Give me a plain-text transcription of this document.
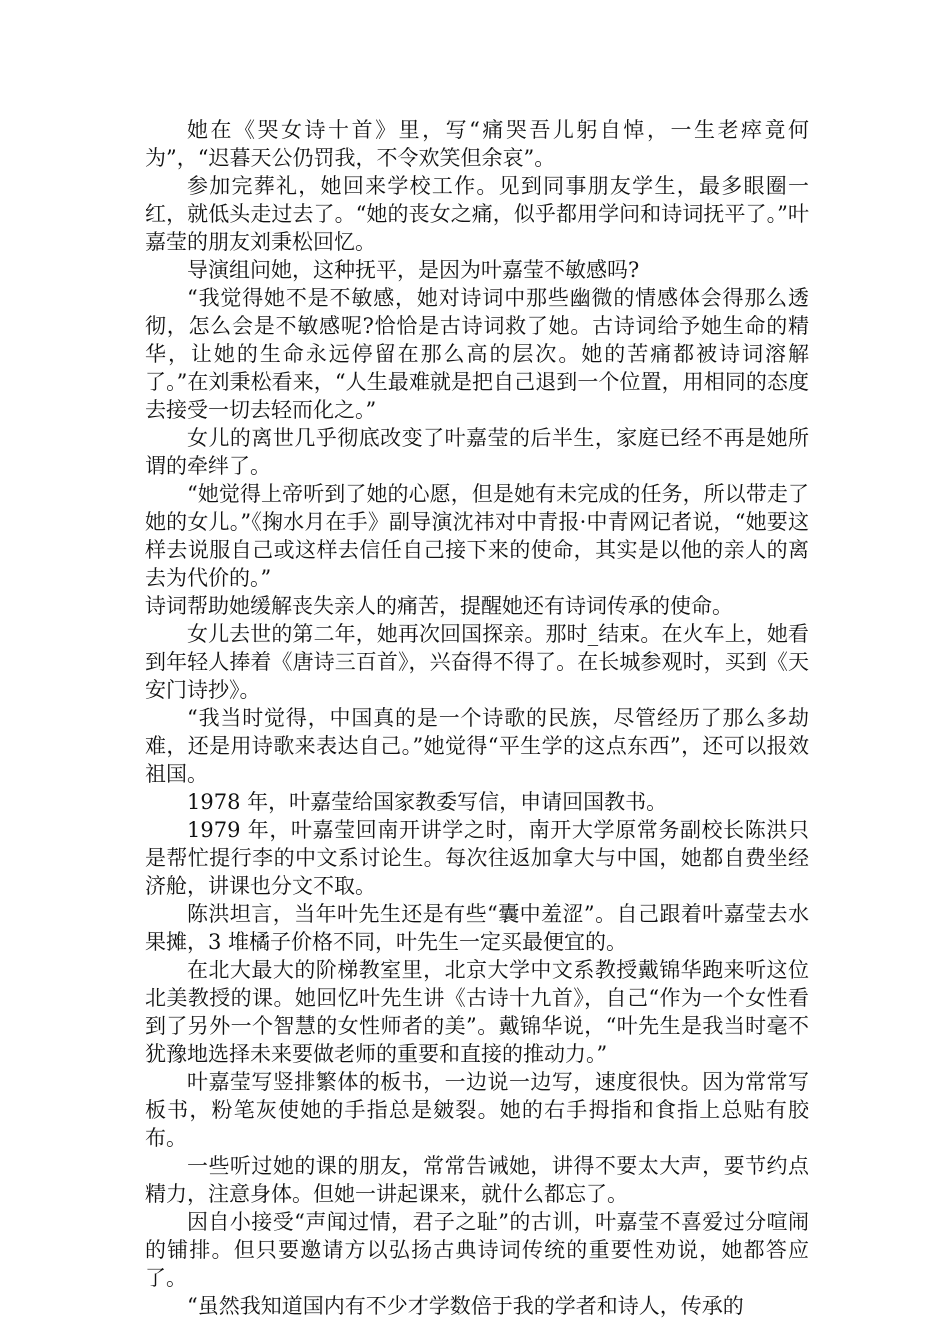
她在《哭女诗十首》里，写“痛哭吾儿躬自悼，一生老瘁竟何为”，“迟暮天公仍罚我，不令欢笑但余哀”。

参加完葬礼，她回来学校工作。见到同事朋友学生，最多眼圈一红，就低头走过去了。“她的丧女之痛，似乎都用学问和诗词抚平了。”叶嘉莹的朋友刘秉松回忆。

导演组问她，这种抚平，是因为叶嘉莹不敏感吗?

“我觉得她不是不敏感，她对诗词中那些幽微的情感体会得那么透彻，怎么会是不敏感呢?恰恰是古诗词救了她。古诗词给予她生命的精华，让她的生命永远停留在那么高的层次。她的苦痛都被诗词溶解了。”在刘秉松看来，“人生最难就是把自己退到一个位置，用相同的态度去接受一切去轻而化之。”

女儿的离世几乎彻底改变了叶嘉莹的后半生，家庭已经不再是她所谓的牵绊了。

“她觉得上帝听到了她的心愿，但是她有未完成的任务，所以带走了她的女儿。”《掬水月在手》副导演沈祎对中青报·中青网记者说，“她要这样去说服自己或这样去信任自己接下来的使命，其实是以他的亲人的离去为代价的。”

诗词帮助她缓解丧失亲人的痛苦，提醒她还有诗词传承的使命。

女儿去世的第二年，她再次回国探亲。那时_结束。在火车上，她看到年轻人捧着《唐诗三百首》，兴奋得不得了。在长城参观时，买到《天安门诗抄》。

“我当时觉得，中国真的是一个诗歌的民族，尽管经历了那么多劫难，还是用诗歌来表达自己。”她觉得“平生学的这点东西”，还可以报效祖国。

1978 年，叶嘉莹给国家教委写信，申请回国教书。

1979 年，叶嘉莹回南开讲学之时，南开大学原常务副校长陈洪只是帮忙提行李的中文系讨论生。每次往返加拿大与中国，她都自费坐经济舱，讲课也分文不取。

陈洪坦言，当年叶先生还是有些“囊中羞涩”。自己跟着叶嘉莹去水果摊，3 堆橘子价格不同，叶先生一定买最便宜的。

在北大最大的阶梯教室里，北京大学中文系教授戴锦华跑来听这位北美教授的课。她回忆叶先生讲《古诗十九首》，自己“作为一个女性看到了另外一个智慧的女性师者的美”。戴锦华说，“叶先生是我当时毫不犹豫地选择未来要做老师的重要和直接的推动力。”

叶嘉莹写竖排繁体的板书，一边说一边写，速度很快。因为常常写板书，粉笔灰使她的手指总是皴裂。她的右手拇指和食指上总贴有胶布。

一些听过她的课的朋友，常常告诫她，讲得不要太大声，要节约点精力，注意身体。但她一讲起课来，就什么都忘了。

因自小接受“声闻过情，君子之耻”的古训，叶嘉莹不喜爱过分喧闹的铺排。但只要邀请方以弘扬古典诗词传统的重要性劝说，她都答应了。

“虽然我知道国内有不少才学数倍于我的学者和诗人，传承的
